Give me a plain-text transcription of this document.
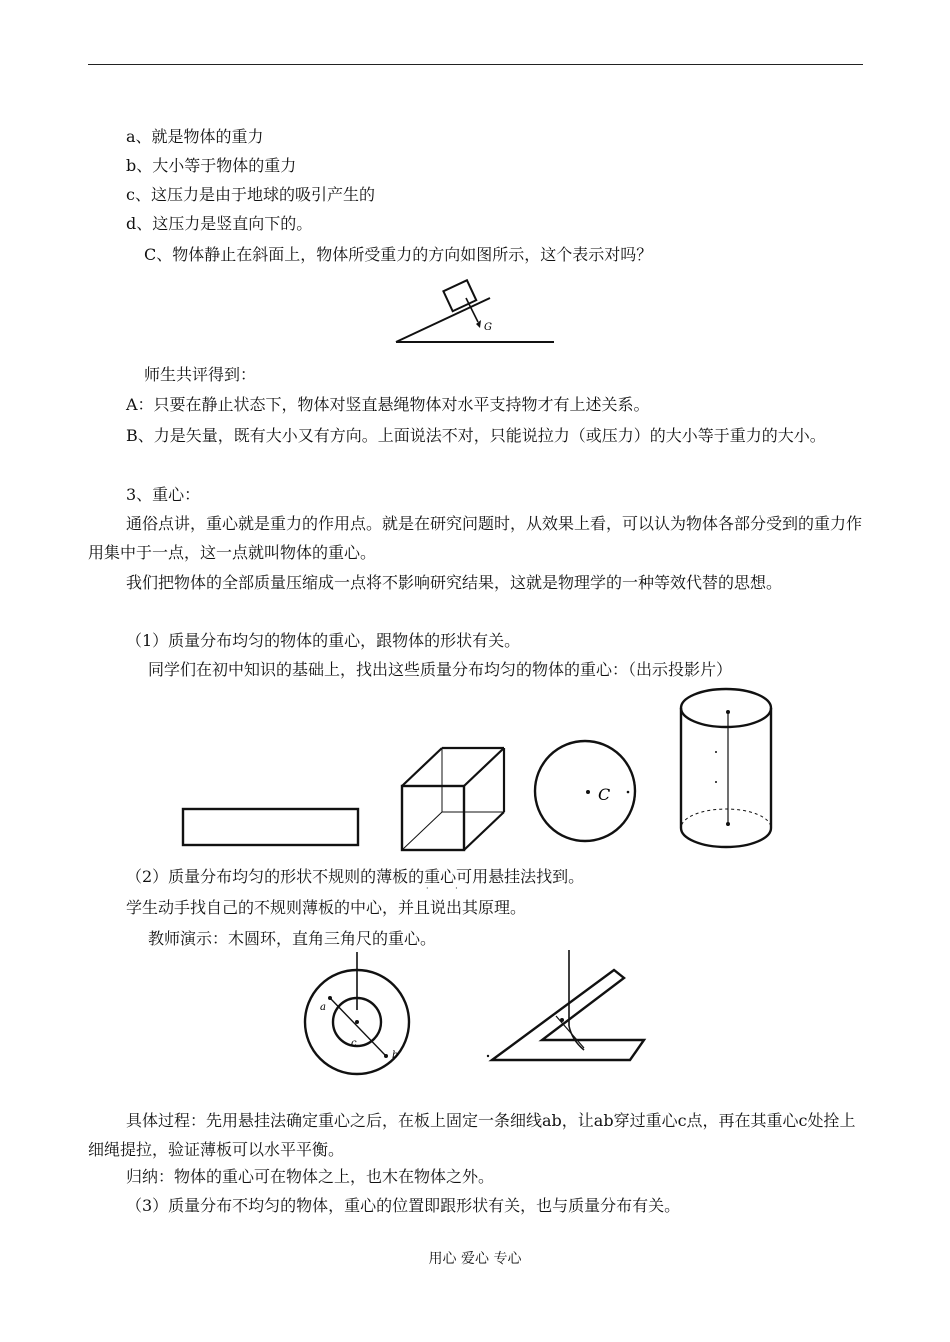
a、就是物体的重力
b、大小等于物体的重力
c、这压力是由于地球的吸引产生的
d、这压力是竖直向下的。
C、物体静止在斜面上，物体所受重力的方向如图所示，这个表示对吗？
G
师生共评得到：
A：只要在静止状态下，物体对竖直悬绳物体对水平支持物才有上述关系。
B、力是矢量，既有大小又有方向。上面说法不对，只能说拉力（或压力）的大小等于重力的大小。
3、重心：
通俗点讲，重心就是重力的作用点。就是在研究问题时，从效果上看，可以认为物体各部分受到的重力作用集中于一点，这一点就叫物体的重心。
我们把物体的全部质量压缩成一点将不影响研究结果，这就是物理学的一种等效代替的思想。
（1）质量分布均匀的物体的重心，跟物体的形状有关。
同学们在初中知识的基础上，找出这些质量分布均匀的物体的重心：（出示投影片）
C
（2）质量分布均匀的形状不规则的薄板的重心可用悬挂法找到。
· ·
学生动手找自己的不规则薄板的中心，并且说出其原理。
教师演示：木圆环，直角三角尺的重心。
a
c
b
具体过程：先用悬挂法确定重心之后，在板上固定一条细线ab，让ab穿过重心c点，再在其重心c处拴上细绳提拉，验证薄板可以水平平衡。
归纳：物体的重心可在物体之上，也木在物体之外。
（3）质量分布不均匀的物体，重心的位置即跟形状有关，也与质量分布有关。
用心 爱心 专心
